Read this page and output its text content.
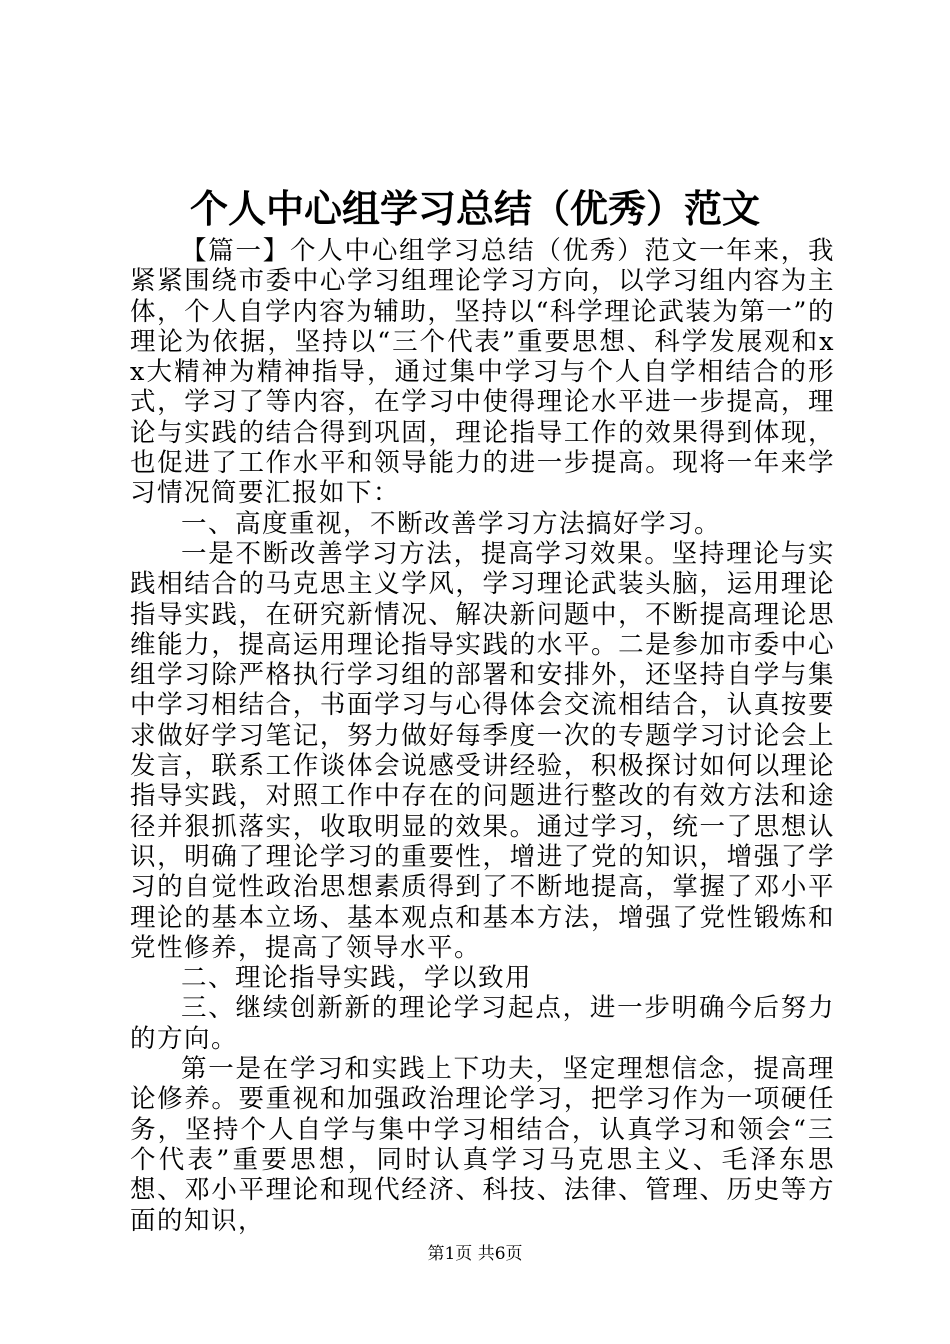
个人中心组学习总结（优秀）范文

【篇一】个人中心组学习总结（优秀）范文一年来，我紧紧围绕市委中心学习组理论学习方向，以学习组内容为主体，个人自学内容为辅助，坚持以“科学理论武装为第一”的理论为依据，坚持以“三个代表”重要思想、科学发展观和xx大精神为精神指导，通过集中学习与个人自学相结合的形式，学习了等内容，在学习中使得理论水平进一步提高，理论与实践的结合得到巩固，理论指导工作的效果得到体现，也促进了工作水平和领导能力的进一步提高。现将一年来学习情况简要汇报如下：

一、高度重视，不断改善学习方法搞好学习。

一是不断改善学习方法，提高学习效果。坚持理论与实践相结合的马克思主义学风，学习理论武装头脑，运用理论指导实践，在研究新情况、解决新问题中，不断提高理论思维能力，提高运用理论指导实践的水平。二是参加市委中心组学习除严格执行学习组的部署和安排外，还坚持自学与集中学习相结合，书面学习与心得体会交流相结合，认真按要求做好学习笔记，努力做好每季度一次的专题学习讨论会上发言，联系工作谈体会说感受讲经验，积极探讨如何以理论指导实践，对照工作中存在的问题进行整改的有效方法和途径并狠抓落实，收取明显的效果。通过学习，统一了思想认识，明确了理论学习的重要性，增进了党的知识，增强了学习的自觉性政治思想素质得到了不断地提高，掌握了邓小平理论的基本立场、基本观点和基本方法，增强了党性锻炼和党性修养，提高了领导水平。

二、理论指导实践，学以致用

三、继续创新新的理论学习起点，进一步明确今后努力的方向。

第一是在学习和实践上下功夫，坚定理想信念，提高理论修养。要重视和加强政治理论学习，把学习作为一项硬任务，坚持个人自学与集中学习相结合，认真学习和领会“三个代表”重要思想，同时认真学习马克思主义、毛泽东思想、邓小平理论和现代经济、科技、法律、管理、历史等方面的知识，

第1页 共6页
